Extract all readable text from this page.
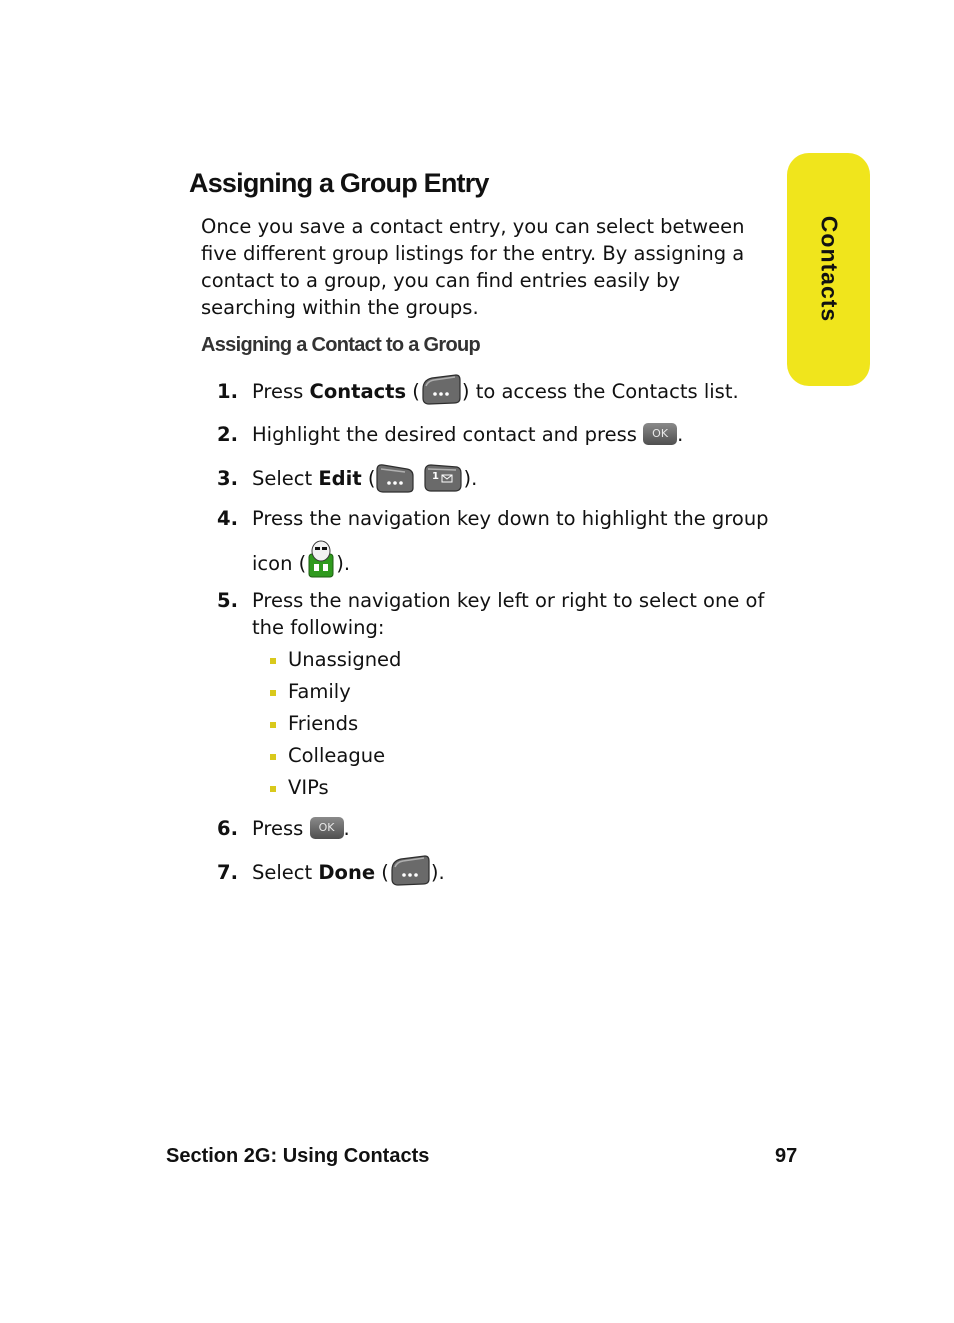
Contacts
Assigning a Group Entry

Once you save a contact entry, you can select between five different group listings for the entry. By assigning a contact to a group, you can find entries easily by searching within the groups.

Assigning a Contact to a Group

1. Press Contacts ( ) to access the Contacts list.
2. Highlight the desired contact and press OK .
3. Select Edit (	1 ).
4. Press the navigation key down to highlight the group
icon ( ).
5. Press the navigation key left or right to select one of the following:
Unassigned
Family
Friends
Colleague
VIPs
6. Press OK .
7. Select Done ( ).
Section 2G: Using Contacts	97
